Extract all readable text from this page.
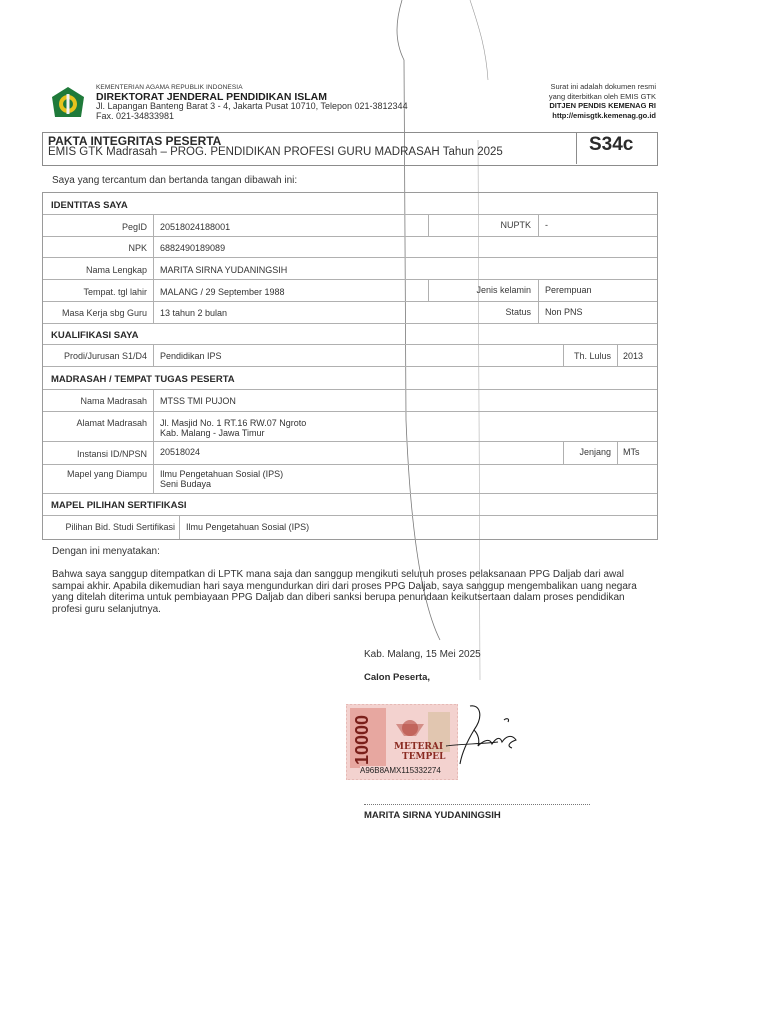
KEMENTERIAN AGAMA REPUBLIK INDONESIA
DIREKTORAT JENDERAL PENDIDIKAN ISLAM
Jl. Lapangan Banteng Barat 3 - 4, Jakarta Pusat 10710, Telepon 021-3812344
Fax. 021-34833981
Surat ini adalah dokumen resmi
yang diterbitkan oleh EMIS GTK
DITJEN PENDIS KEMENAG RI
http://emisgtk.kemenag.go.id
PAKTA INTEGRITAS PESERTA
EMIS GTK Madrasah – PROG. PENDIDIKAN PROFESI GURU MADRASAH Tahun 2025	S34c
Saya yang tercantum dan bertanda tangan dibawah ini:
IDENTITAS SAYA
PegID 20518024188001	NUPTK -
NPK 6882490189089
Nama Lengkap MARITA SIRNA YUDANINGSIH
Tempat. tgl lahir MALANG / 29 September 1988	Jenis kelamin Perempuan
Masa Kerja sbg Guru 13 tahun 2 bulan	Status Non PNS
KUALIFIKASI SAYA
Prodi/Jurusan S1/D4 Pendidikan IPS	Th. Lulus 2013
MADRASAH / TEMPAT TUGAS PESERTA
Nama Madrasah MTSS TMI PUJON
Alamat Madrasah Jl. Masjid No. 1 RT.16 RW.07 Ngroto
Kab. Malang - Jawa Timur
Instansi ID/NPSN 20518024	Jenjang MTs
Mapel yang Diampu Ilmu Pengetahuan Sosial (IPS)
Seni Budaya
MAPEL PILIHAN SERTIFIKASI
Pilihan Bid. Studi Sertifikasi Ilmu Pengetahuan Sosial (IPS)
Dengan ini menyatakan:
Bahwa saya sanggup ditempatkan di LPTK mana saja dan sanggup mengikuti seluruh proses pelaksanaan PPG Daljab dari awal sampai akhir. Apabila dikemudian hari saya mengundurkan diri dari proses PPG Daljab, saya sanggup mengembalikan uang negara yang ditelah diterima untuk pembiayaan PPG Daljab dan diberi sanksi berupa penundaan keikutsertaan dalam proses pendidikan profesi guru selanjutnya.
Kab. Malang, 15 Mei 2025
Calon Peserta,
10000	METERAI
TEMPEL
A96B8AMX115332274
MARITA SIRNA YUDANINGSIH
